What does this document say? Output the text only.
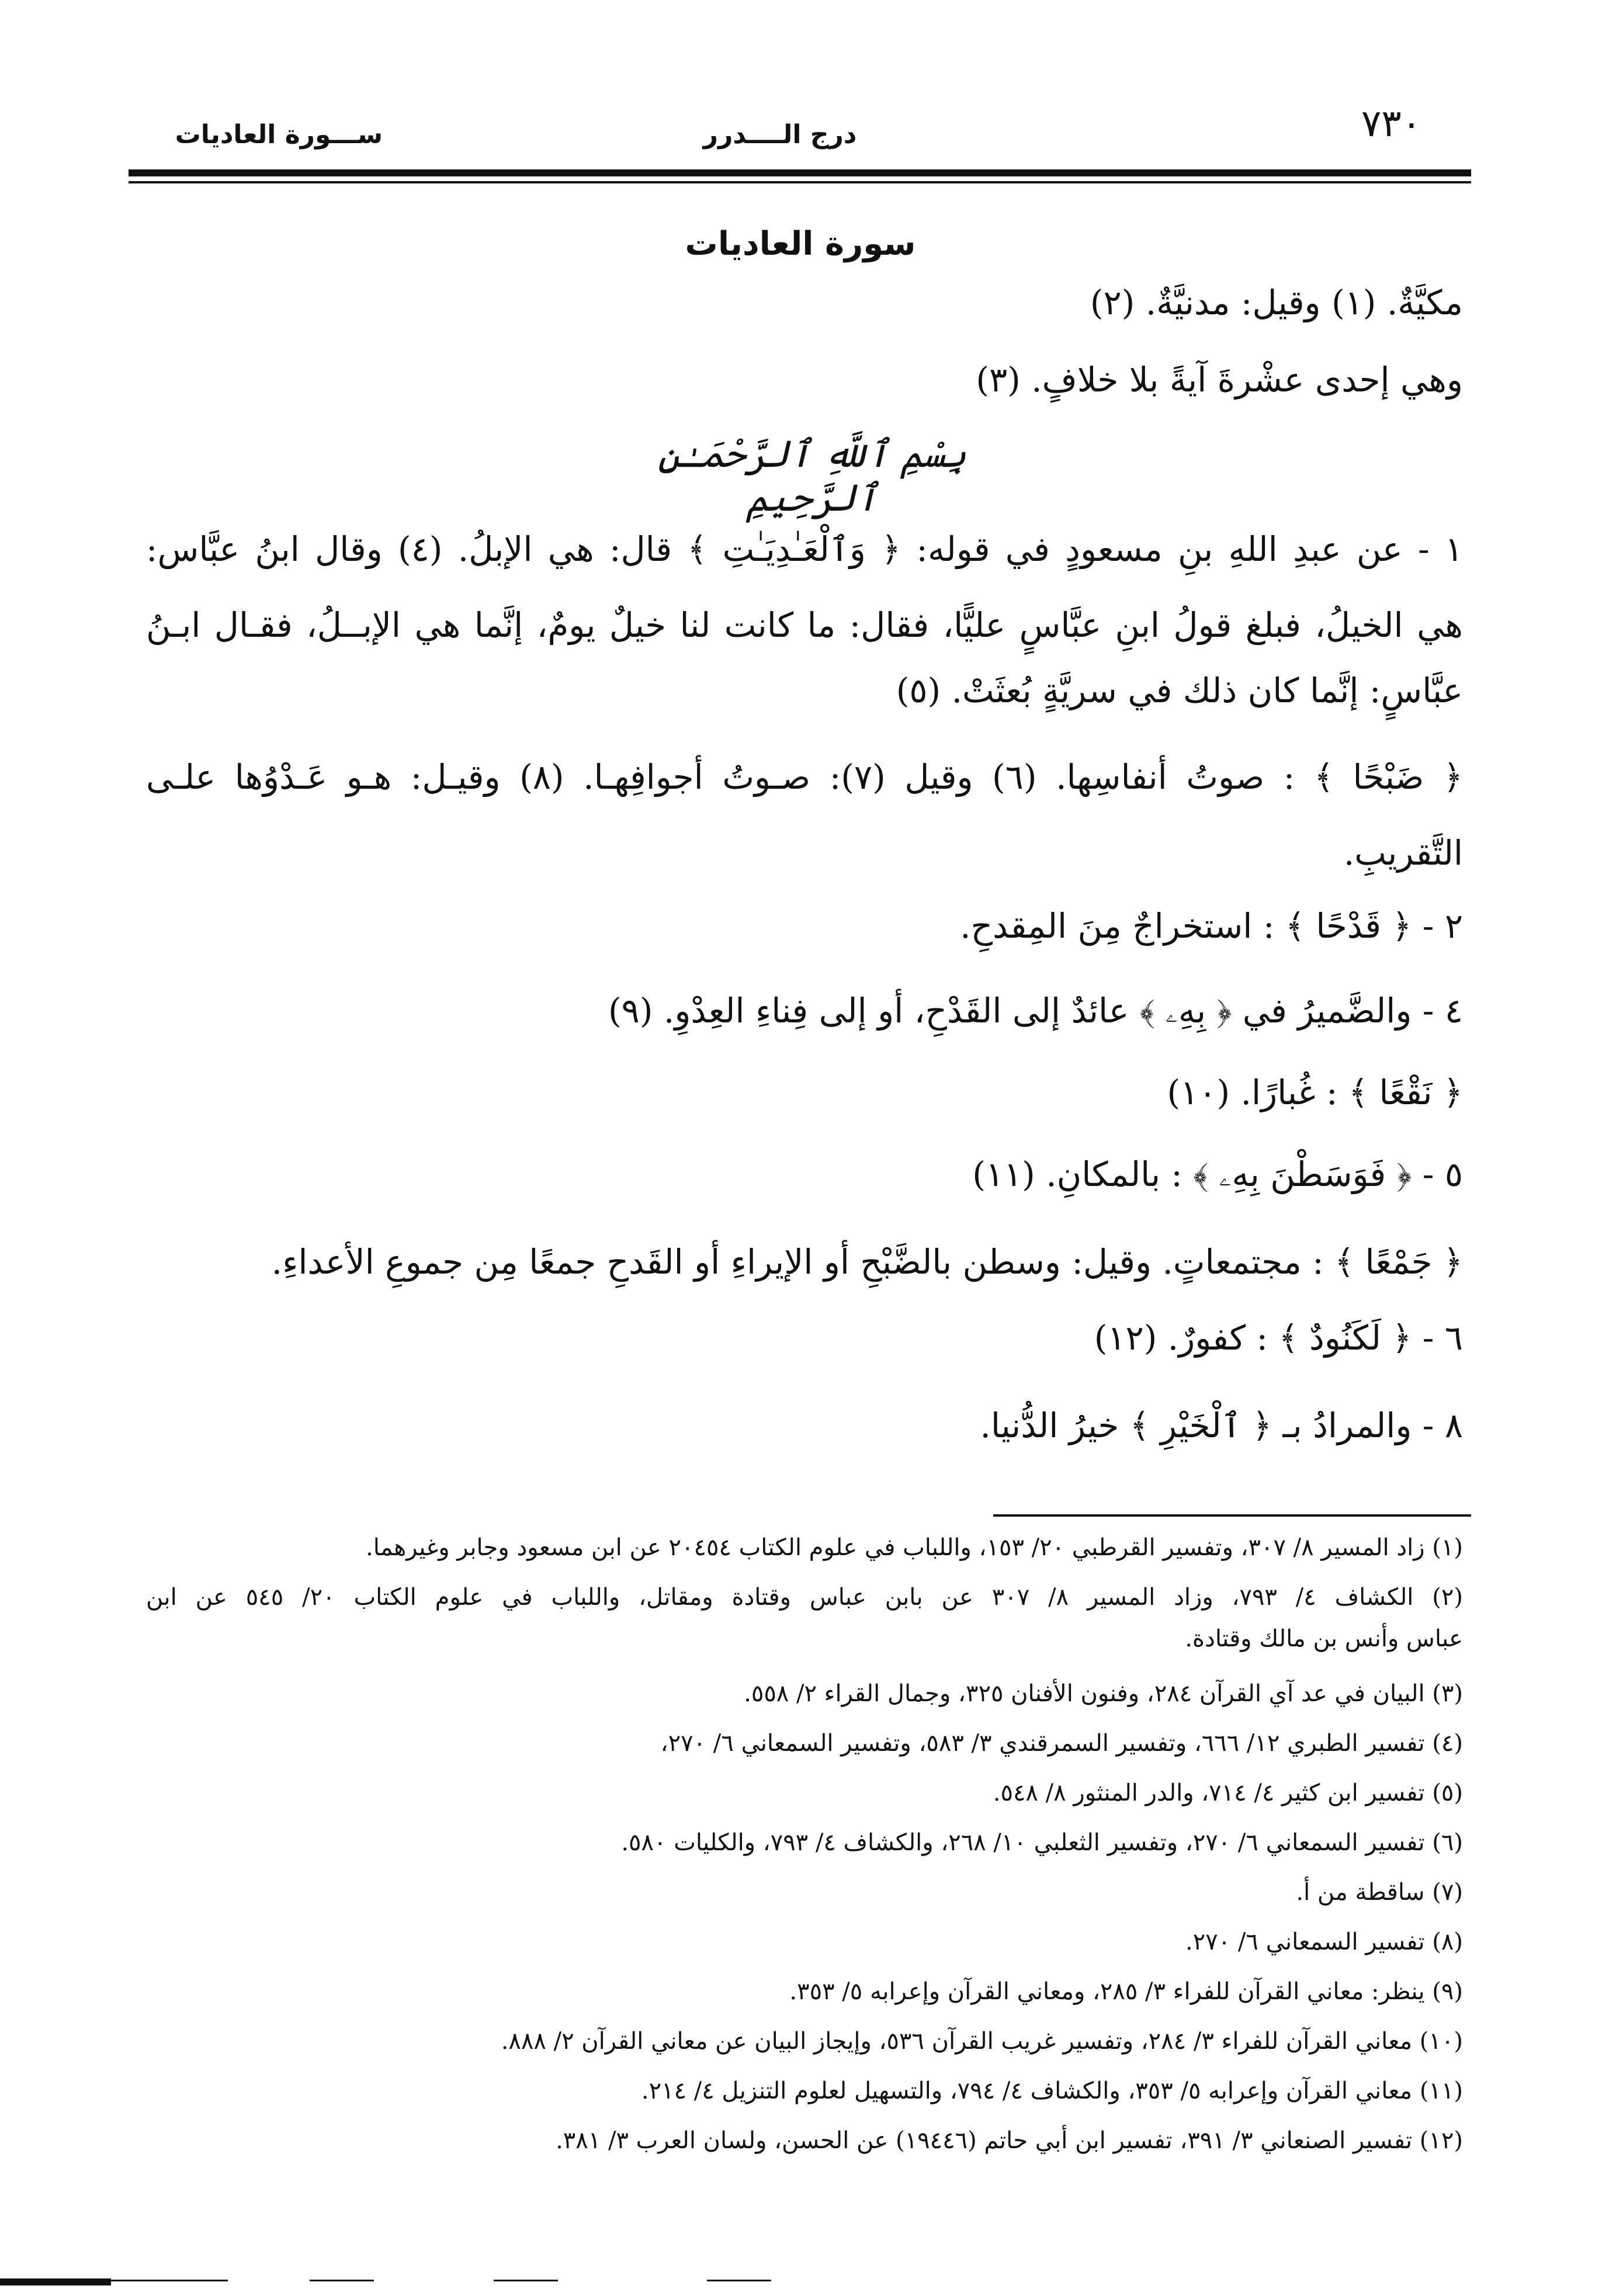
٧٣٠
درج الــــدرر
ســـورة العاديات
سورة العاديات
مكيَّةٌ. (١) وقيل: مدنيَّةٌ. (٢)
وهي إحدى عشْرةَ آيةً بلا خلافٍ. (٣)
بِسْمِ ٱللَّهِ ٱلرَّحْمَـٰنِ ٱلرَّحِيمِ
١ - عن عبدِ اللهِ بنِ مسعودٍ في قوله: ﴿ وَٱلْعَـٰدِيَـٰتِ ﴾ قال: هي الإبلُ. (٤) وقال ابنُ عبَّاس:
هي الخيلُ، فبلغ قولُ ابنِ عبَّاسٍ عليًّا، فقال: ما كانت لنا خيلٌ يومٌ، إنَّما هي الإبــلُ، فقـال ابـنُ
عبَّاسٍ: إنَّما كان ذلك في سريَّةٍ بُعثَتْ. (٥)
﴿ ضَبْحًا ﴾ : صوتُ أنفاسِها. (٦) وقيل (٧): صـوتُ أجوافِهـا. (٨) وقيـل: هـو عَـدْوُها علـى
التَّقريبِ.
٢ - ﴿ قَدْحًا ﴾ : استخراجٌ مِنَ المِقدحِ.
٤ - والضَّميرُ في ﴿ بِهِۦ ﴾ عائدٌ إلى القَدْحِ، أو إلى فِناءِ العِدْوِ. (٩)
﴿ نَقْعًا ﴾ : غُبارًا. (١٠)
٥ - ﴿ فَوَسَطْنَ بِهِۦ ﴾ : بالمكانِ. (١١)
﴿ جَمْعًا ﴾ : مجتمعاتٍ. وقيل: وسطن بالضَّبْحِ أو الإيراءِ أو القَدحِ جمعًا مِن جموعِ الأعداءِ.
٦ - ﴿ لَكَنُودٌ ﴾ : كفورٌ. (١٢)
٨ - والمرادُ بـ ﴿ ٱلْخَيْرِ ﴾ خيرُ الدُّنيا.
(١) زاد المسير ٨/ ٣٠٧، وتفسير القرطبي ٢٠/ ١٥٣، واللباب في علوم الكتاب ٢٠٤٥٤ عن ابن مسعود وجابر وغيرهما.
(٢) الكشاف ٤/ ٧٩٣، وزاد المسير ٨/ ٣٠٧ عن بابن عباس وقتادة ومقاتل، واللباب في علوم الكتاب ٢٠/ ٥٤٥ عن ابن
عباس وأنس بن مالك وقتادة.
(٣) البيان في عد آي القرآن ٢٨٤، وفنون الأفنان ٣٢٥، وجمال القراء ٢/ ٥٥٨.
(٤) تفسير الطبري ١٢/ ٦٦٦، وتفسير السمرقندي ٣/ ٥٨٣، وتفسير السمعاني ٦/ ٢٧٠،
(٥) تفسير ابن كثير ٤/ ٧١٤، والدر المنثور ٨/ ٥٤٨.
(٦) تفسير السمعاني ٦/ ٢٧٠، وتفسير الثعلبي ١٠/ ٢٦٨، والكشاف ٤/ ٧٩٣، والكليات ٥٨٠.
(٧) ساقطة من أ.
(٨) تفسير السمعاني ٦/ ٢٧٠.
(٩) ينظر: معاني القرآن للفراء ٣/ ٢٨٥، ومعاني القرآن وإعرابه ٥/ ٣٥٣.
(١٠) معاني القرآن للفراء ٣/ ٢٨٤، وتفسير غريب القرآن ٥٣٦، وإيجاز البيان عن معاني القرآن ٢/ ٨٨٨.
(١١) معاني القرآن وإعرابه ٥/ ٣٥٣، والكشاف ٤/ ٧٩٤، والتسهيل لعلوم التنزيل ٤/ ٢١٤.
(١٢) تفسير الصنعاني ٣/ ٣٩١، تفسير ابن أبي حاتم (١٩٤٤٦) عن الحسن، ولسان العرب ٣/ ٣٨١.
